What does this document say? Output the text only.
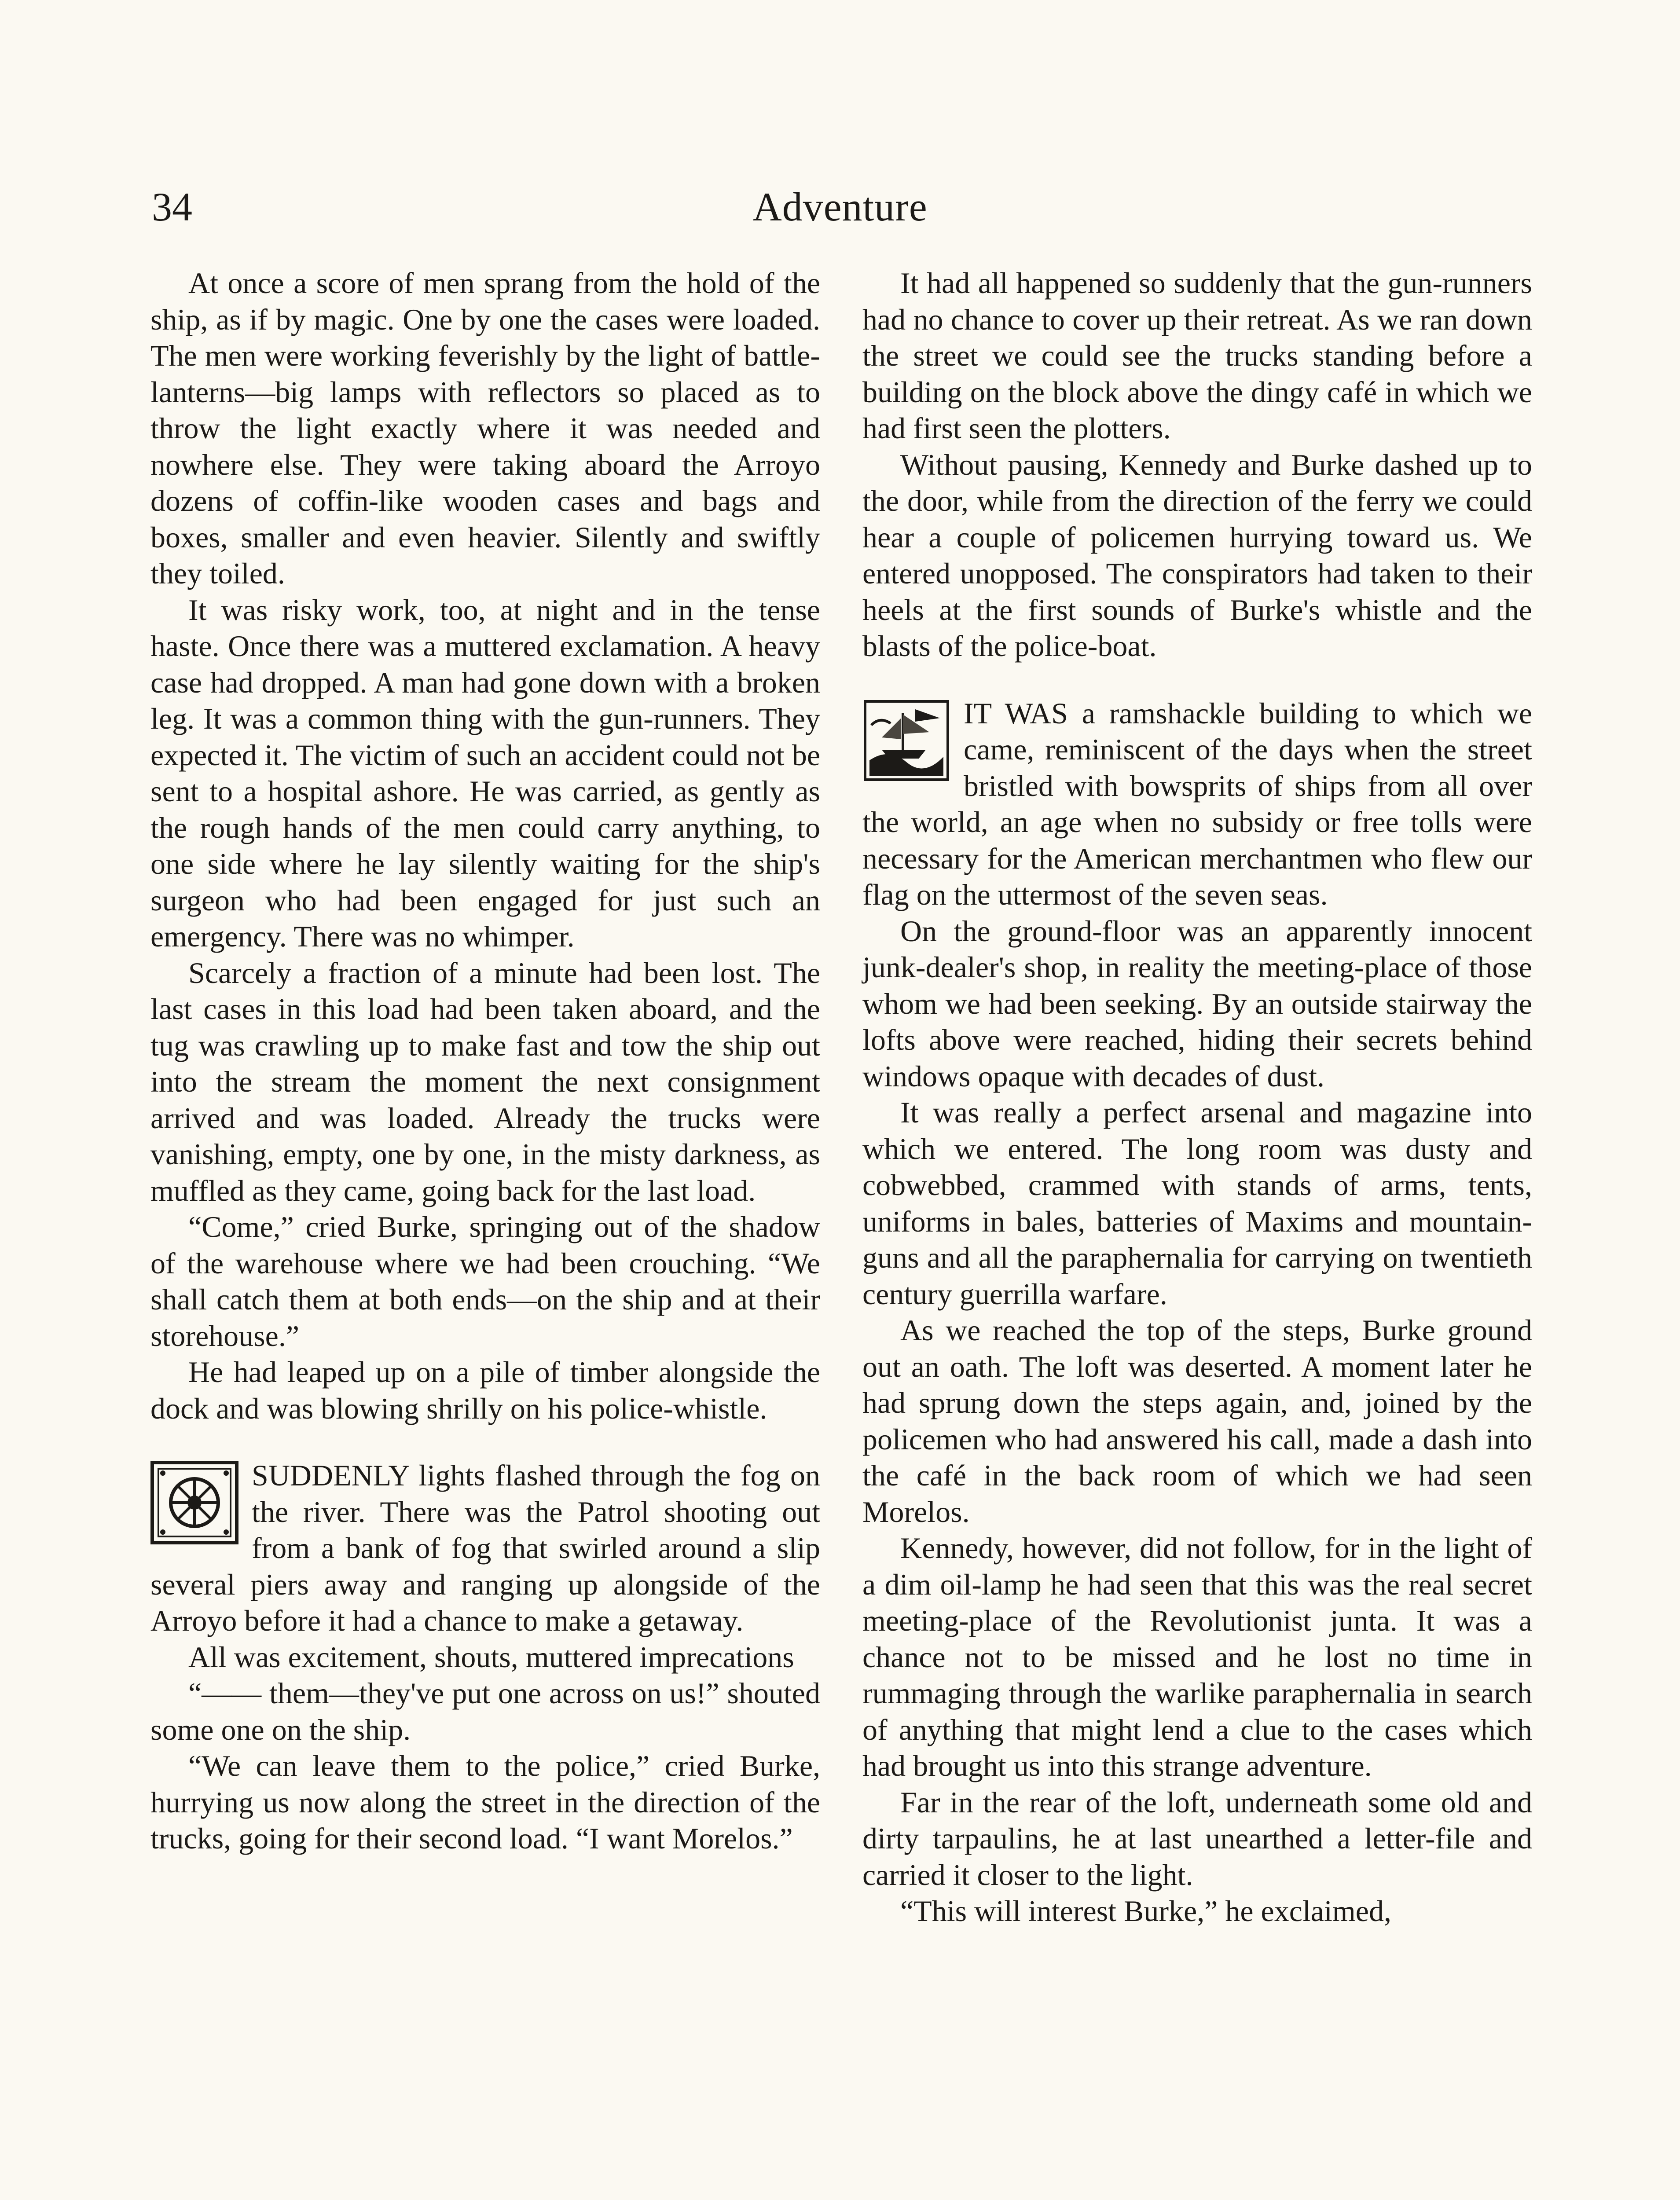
34	Adventure

At once a score of men sprang from the hold of the ship, as if by magic. One by one the cases were loaded. The men were working feverishly by the light of battle-lanterns—big lamps with reflectors so placed as to throw the light exactly where it was needed and nowhere else. They were taking aboard the Arroyo dozens of coffin-like wooden cases and bags and boxes, smaller and even heavier. Silently and swiftly they toiled.

It was risky work, too, at night and in the tense haste. Once there was a muttered exclamation. A heavy case had dropped. A man had gone down with a broken leg. It was a common thing with the gun-runners. They expected it. The victim of such an accident could not be sent to a hospital ashore. He was carried, as gently as the rough hands of the men could carry anything, to one side where he lay silently waiting for the ship's surgeon who had been engaged for just such an emergency. There was no whimper.

Scarcely a fraction of a minute had been lost. The last cases in this load had been taken aboard, and the tug was crawling up to make fast and tow the ship out into the stream the moment the next consignment arrived and was loaded. Already the trucks were vanishing, empty, one by one, in the misty darkness, as muffled as they came, going back for the last load.

“Come,” cried Burke, springing out of the shadow of the warehouse where we had been crouching. “We shall catch them at both ends—on the ship and at their storehouse.”

He had leaped up on a pile of timber alongside the dock and was blowing shrilly on his police-whistle.

SUDDENLY lights flashed through the fog on the river. There was the Patrol shooting out from a bank of fog that swirled around a slip several piers away and ranging up alongside of the Arroyo before it had a chance to make a getaway.

All was excitement, shouts, muttered imprecations

“—— them—they've put one across on us!” shouted some one on the ship.

“We can leave them to the police,” cried Burke, hurrying us now along the street in the direction of the trucks, going for their second load. “I want Morelos.”

It had all happened so suddenly that the gun-runners had no chance to cover up their retreat. As we ran down the street we could see the trucks standing before a building on the block above the dingy café in which we had first seen the plotters.

Without pausing, Kennedy and Burke dashed up to the door, while from the direction of the ferry we could hear a couple of policemen hurrying toward us. We entered unopposed. The conspirators had taken to their heels at the first sounds of Burke's whistle and the blasts of the police-boat.

IT WAS a ramshackle building to which we came, reminiscent of the days when the street bristled with bowsprits of ships from all over the world, an age when no subsidy or free tolls were necessary for the American merchantmen who flew our flag on the uttermost of the seven seas.

On the ground-floor was an apparently innocent junk-dealer's shop, in reality the meeting-place of those whom we had been seeking. By an outside stairway the lofts above were reached, hiding their secrets behind windows opaque with decades of dust.

It was really a perfect arsenal and magazine into which we entered. The long room was dusty and cobwebbed, crammed with stands of arms, tents, uniforms in bales, batteries of Maxims and mountain-guns and all the paraphernalia for carrying on twentieth century guerrilla warfare.

As we reached the top of the steps, Burke ground out an oath. The loft was deserted. A moment later he had sprung down the steps again, and, joined by the policemen who had answered his call, made a dash into the café in the back room of which we had seen Morelos.

Kennedy, however, did not follow, for in the light of a dim oil-lamp he had seen that this was the real secret meeting-place of the Revolutionist junta. It was a chance not to be missed and he lost no time in rummaging through the warlike paraphernalia in search of anything that might lend a clue to the cases which had brought us into this strange adventure.

Far in the rear of the loft, underneath some old and dirty tarpaulins, he at last unearthed a letter-file and carried it closer to the light.

“This will interest Burke,” he exclaimed,
